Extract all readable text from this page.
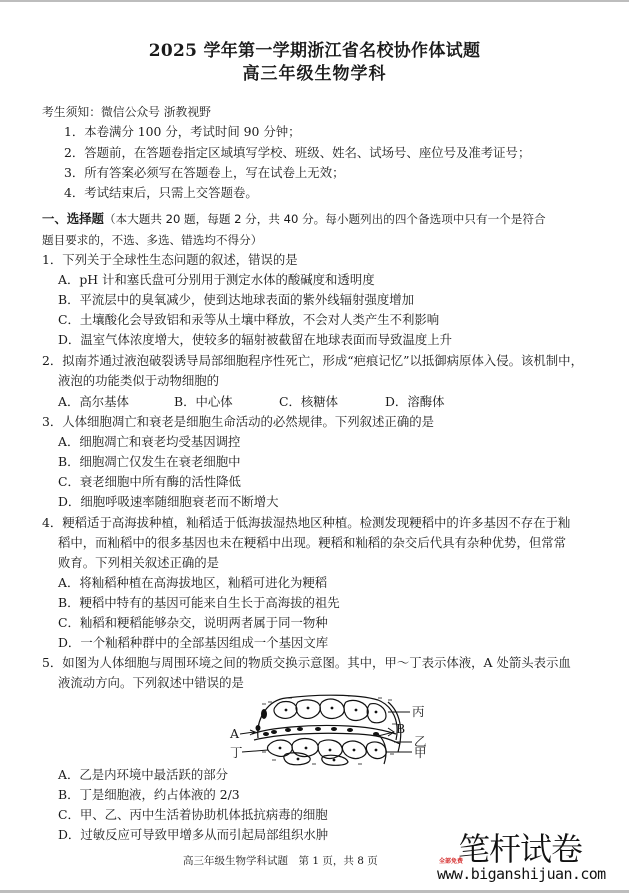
2025 学年第一学期浙江省名校协作体试题
高三年级生物学科
考生须知：微信公众号 浙教视野
1．本卷满分 100 分，考试时间 90 分钟；
2．答题前，在答题卷指定区域填写学校、班级、姓名、试场号、座位号及准考证号；
3．所有答案必须写在答题卷上，写在试卷上无效；
4．考试结束后，只需上交答题卷。
一、选择题（本大题共 20 题，每题 2 分，共 40 分。每小题列出的四个备选项中只有一个是符合
题目要求的，不选、多选、错选均不得分）
1．下列关于全球性生态问题的叙述，错误的是
A．pH 计和塞氏盘可分别用于测定水体的酸碱度和透明度
B．平流层中的臭氧减少，使到达地球表面的紫外线辐射强度增加
C．土壤酸化会导致铝和汞等从土壤中释放，不会对人类产生不利影响
D．温室气体浓度增大，使较多的辐射被截留在地球表面而导致温度上升
2．拟南芥通过液泡破裂诱导局部细胞程序性死亡，形成“疤痕记忆”以抵御病原体入侵。该机制中，
液泡的功能类似于动物细胞的
A．高尔基体	B．中心体	C．核糖体	D．溶酶体
3．人体细胞凋亡和衰老是细胞生命活动的必然规律。下列叙述正确的是
A．细胞凋亡和衰老均受基因调控
B．细胞凋亡仅发生在衰老细胞中
C．衰老细胞中所有酶的活性降低
D．细胞呼吸速率随细胞衰老而不断增大
4．粳稻适于高海拔种植，籼稻适于低海拔湿热地区种植。检测发现粳稻中的许多基因不存在于籼
稻中，而籼稻中的很多基因也未在粳稻中出现。粳稻和籼稻的杂交后代具有杂种优势，但常常
败育。下列相关叙述正确的是
A．将籼稻种植在高海拔地区，籼稻可进化为粳稻
B．粳稻中特有的基因可能来自生长于高海拔的祖先
C．籼稻和粳稻能够杂交，说明两者属于同一物种
D．一个籼稻种群中的全部基因组成一个基因文库
5．如图为人体细胞与周围环境之间的物质交换示意图。其中，甲～丁表示体液，A 处箭头表示血
液流动方向。下列叙述中错误的是
丙
B
乙
甲
A
丁
A．乙是内环境中最活跃的部分
B．丁是细胞液，约占体液的 2/3
C．甲、乙、丙中生活着协助机体抵抗病毒的细胞
D．过敏反应可导致甲增多从而引起局部组织水肿
高三年级生物学科试题　第 1 页，共 8 页	笔杆试卷
全部免费
www.biganshijuan.com
